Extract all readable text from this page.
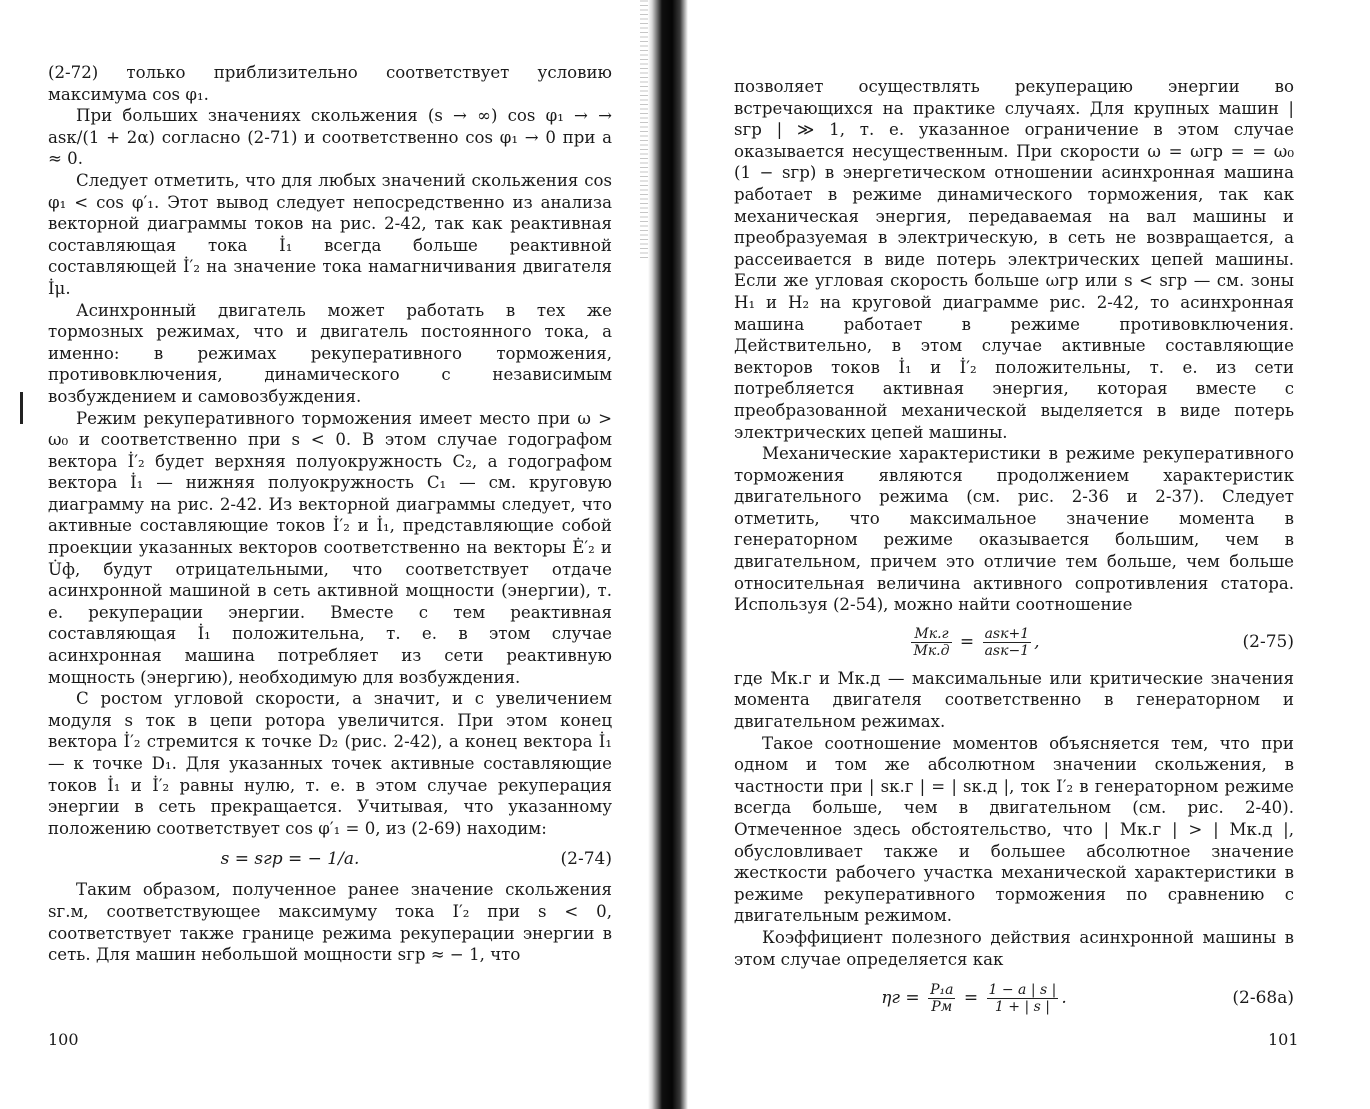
(2-72) только приблизительно соответствует условию максимума cos φ₁.

При больших значениях скольжения (s → ∞) cos φ₁ → → asк/(1 + 2α) согласно (2-71) и соответственно cos φ₁ → 0 при a ≈ 0.

Следует отметить, что для любых значений скольжения cos φ₁ < cos φ′₁. Этот вывод следует непосредственно из анализа векторной диаграммы токов на рис. 2-42, так как реактивная составляющая тока İ₁ всегда больше реактивной составляющей İ′₂ на значение тока намагничивания двигателя İμ.

Асинхронный двигатель может работать в тех же тормозных режимах, что и двигатель постоянного тока, а именно: в режимах рекуперативного торможения, противовключения, динамического с независимым возбуждением и самовозбуждения.

Режим рекуперативного торможения имеет место при ω > ω₀ и соответственно при s < 0. В этом случае годографом вектора İ′₂ будет верхняя полуокружность C₂, а годографом вектора İ₁ — нижняя полуокружность C₁ — см. круговую диаграмму на рис. 2-42. Из векторной диаграммы следует, что активные составляющие токов İ′₂ и İ₁, представляющие собой проекции указанных векторов соответственно на векторы Ė′₂ и U̇ф, будут отрицательными, что соответствует отдаче асинхронной машиной в сеть активной мощности (энергии), т. е. рекуперации энергии. Вместе с тем реактивная составляющая İ₁ положительна, т. е. в этом случае асинхронная машина потребляет из сети реактивную мощность (энергию), необходимую для возбуждения.

С ростом угловой скорости, а значит, и с увеличением модуля s ток в цепи ротора увеличится. При этом конец вектора İ′₂ стремится к точке D₂ (рис. 2-42), а конец вектора İ₁ — к точке D₁. Для указанных точек активные составляющие токов İ₁ и İ′₂ равны нулю, т. е. в этом случае рекуперация энергии в сеть прекращается. Учитывая, что указанному положению соответствует cos φ′₁ = 0, из (2-69) находим:

s = sгр = − 1/a.	(2-74)

Таким образом, полученное ранее значение скольжения sг.м, соответствующее максимуму тока I′₂ при s < 0, соответствует также границе режима рекуперации энергии в сеть. Для машин небольшой мощности sгр ≈ − 1, что

100

позволяет осуществлять рекуперацию энергии во встречающихся на практике случаях. Для крупных машин | sгр | ≫ 1, т. е. указанное ограничение в этом случае оказывается несущественным. При скорости ω = ωгр = = ω₀ (1 − sгр) в энергетическом отношении асинхронная машина работает в режиме динамического торможения, так как механическая энергия, передаваемая на вал машины и преобразуемая в электрическую, в сеть не возвращается, а рассеивается в виде потерь электрических цепей машины. Если же угловая скорость больше ωгр или s < sгр — см. зоны H₁ и H₂ на круговой диаграмме рис. 2-42, то асинхронная машина работает в режиме противовключения. Действительно, в этом случае активные составляющие векторов токов İ₁ и İ′₂ положительны, т. е. из сети потребляется активная энергия, которая вместе с преобразованной механической выделяется в виде потерь электрических цепей машины.

Механические характеристики в режиме рекуперативного торможения являются продолжением характеристик двигательного режима (см. рис. 2-36 и 2-37). Следует отметить, что максимальное значение момента в генераторном режиме оказывается большим, чем в двигательном, причем это отличие тем больше, чем больше относительная величина активного сопротивления статора. Используя (2-54), можно найти соотношение

$\frac{Mк.г}{Mк.д} = \frac{\text{asк+1}}{\text{asк−1}}$ ,	(2-75)

где Mк.г и Mк.д — максимальные или критические значения момента двигателя соответственно в генераторном и двигательном режимах.

Такое соотношение моментов объясняется тем, что при одном и том же абсолютном значении скольжения, в частности при | sк.г | = | sк.д |, ток I′₂ в генераторном режиме всегда больше, чем в двигательном (см. рис. 2-40). Отмеченное здесь обстоятельство, что | Mк.г | > | Mк.д |, обусловливает также и большее абсолютное значение жесткости рабочего участка механической характеристики в режиме рекуперативного торможения по сравнению с двигательным режимом.

Коэффициент полезного действия асинхронной машины в этом случае определяется как

$\eta г = \frac{\text{P₁а}}{Pм} = \frac{1 - a | s |}{1 + | s |}$ .	(2-68а)
101
